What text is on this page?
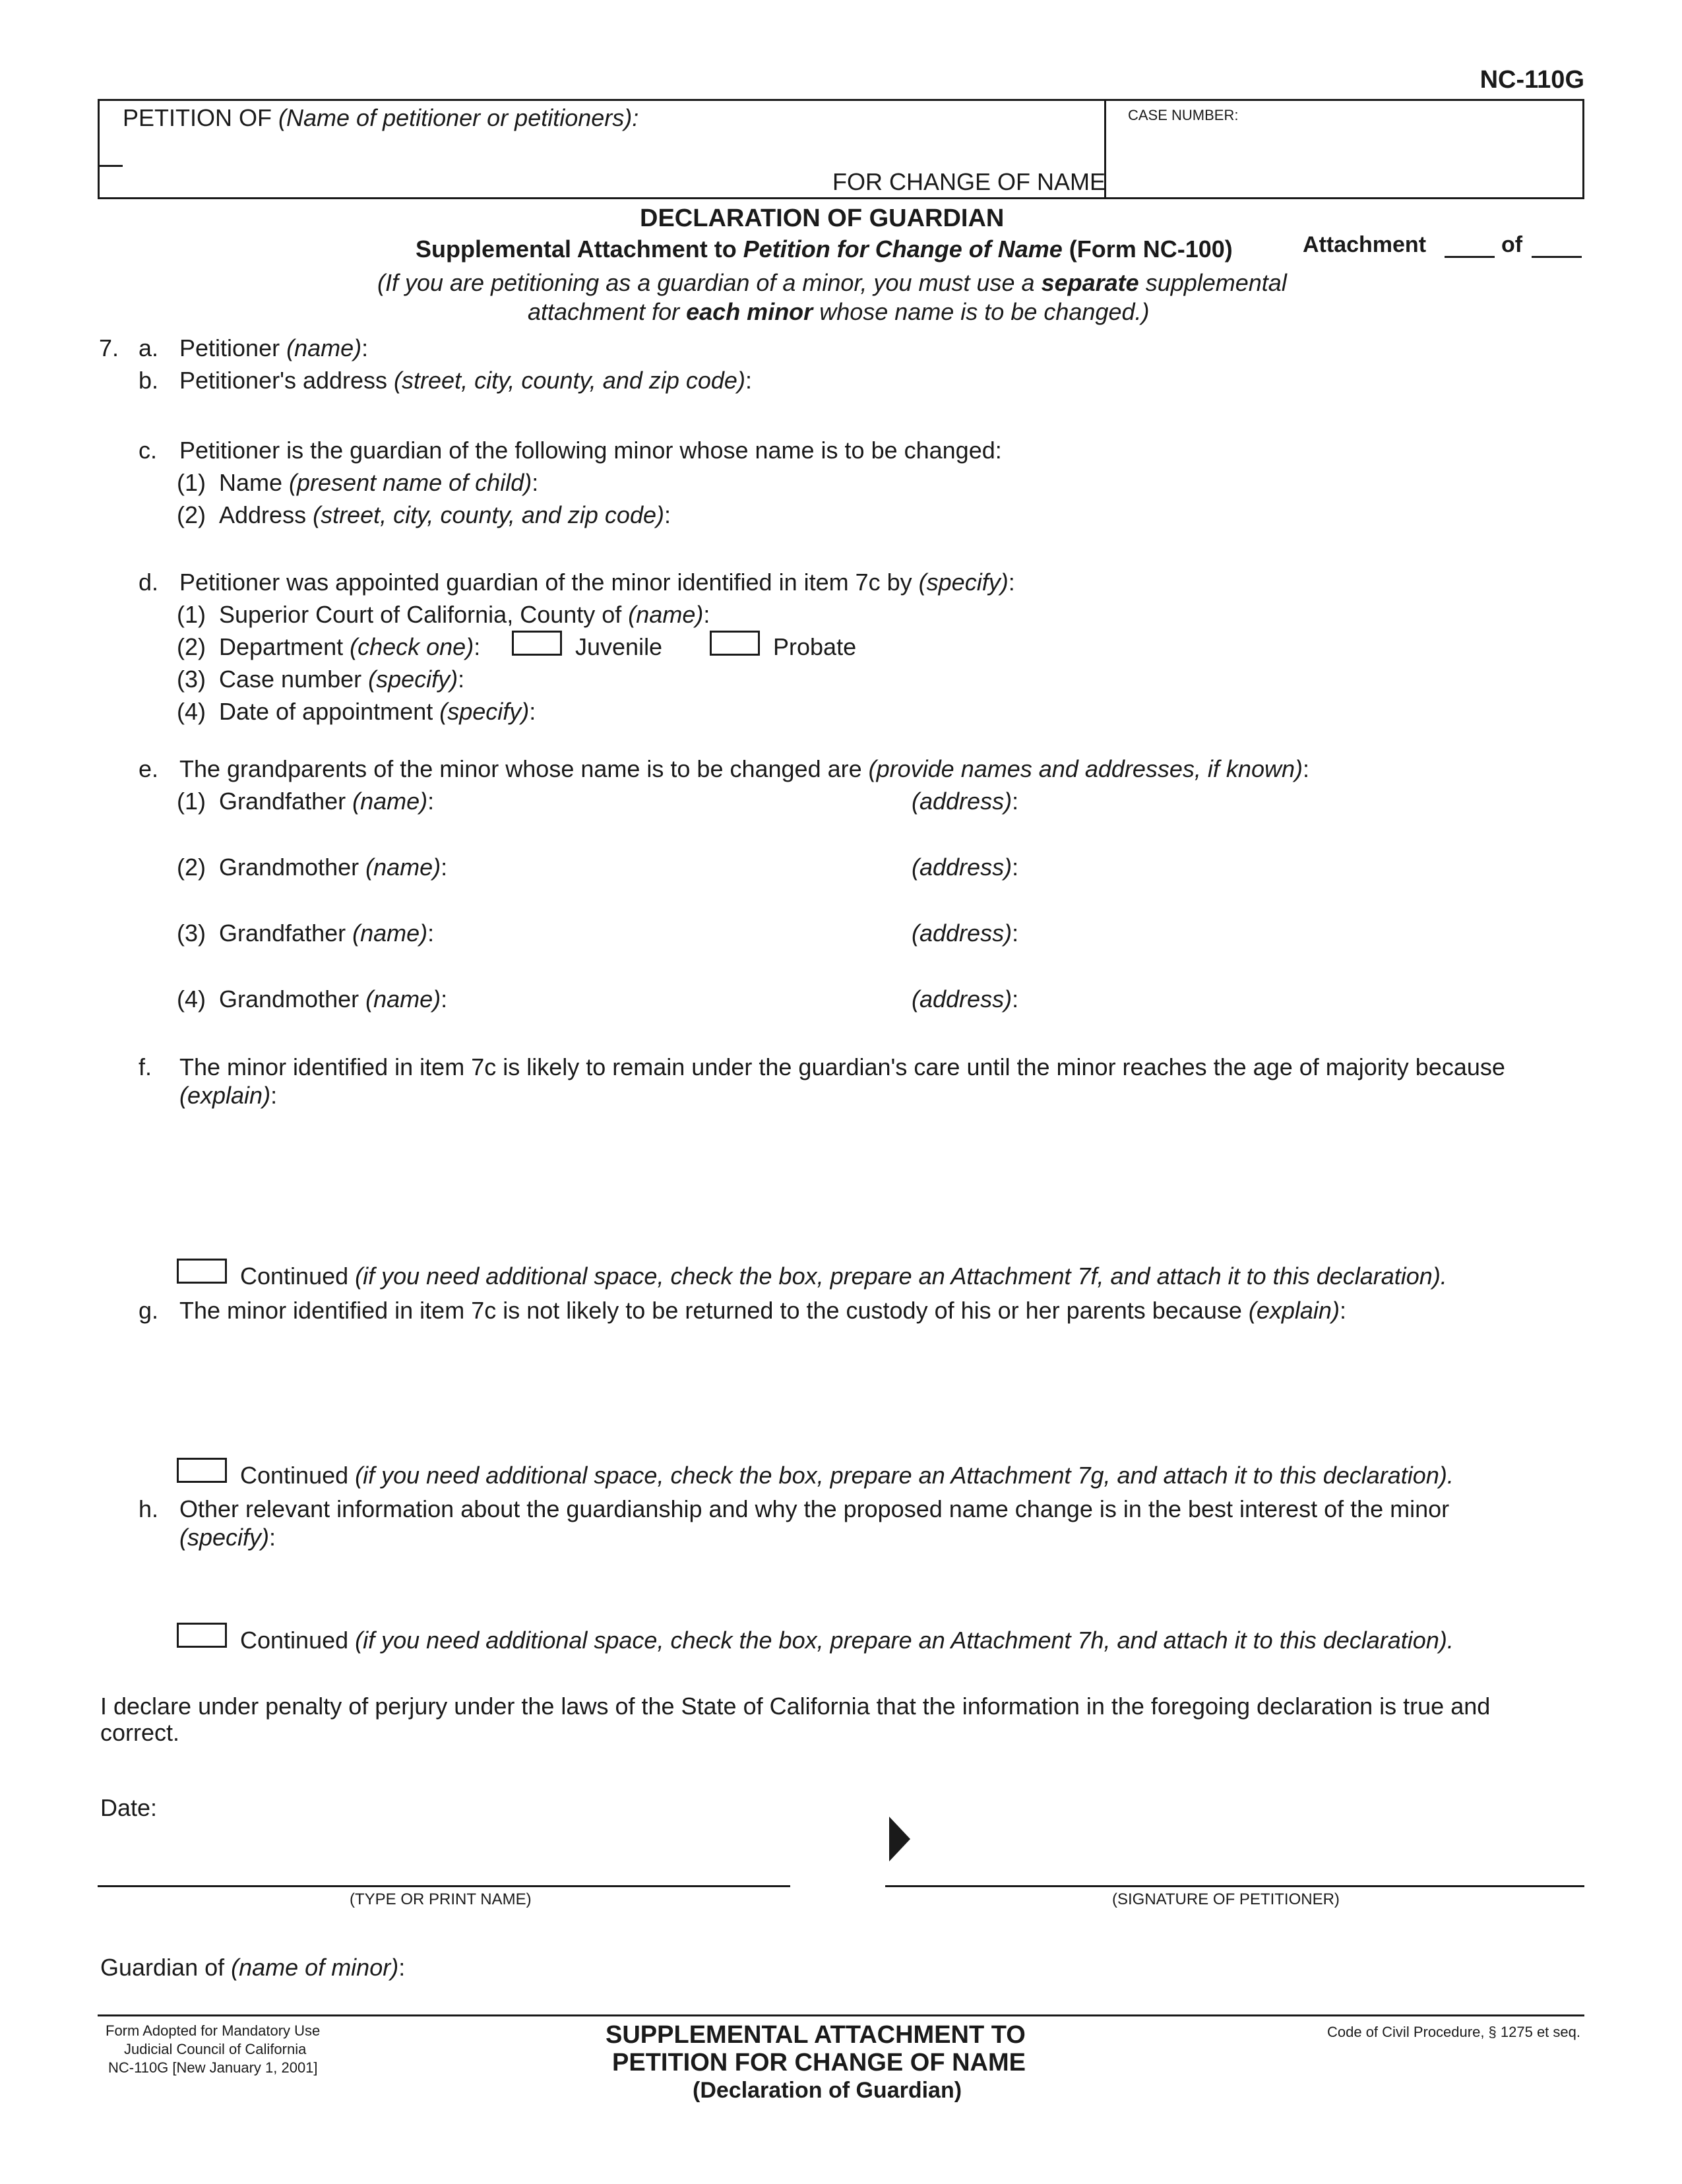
NC-110G
PETITION OF (Name of petitioner or petitioners):
FOR CHANGE OF NAME
CASE NUMBER:
DECLARATION OF GUARDIAN
Supplemental Attachment to Petition for Change of Name (Form NC-100)	Attachment	of
(If you are petitioning as a guardian of a minor, you must use a separate supplemental
attachment for each minor whose name is to be changed.)
7. a. Petitioner (name):
b. Petitioner's address (street, city, county, and zip code):
c. Petitioner is the guardian of the following minor whose name is to be changed:
(1) Name (present name of child):
(2) Address (street, city, county, and zip code):
d. Petitioner was appointed guardian of the minor identified in item 7c by (specify):
(1) Superior Court of California, County of (name):
(2) Department (check one):	Juvenile	Probate
(3) Case number (specify):
(4) Date of appointment (specify):
e. The grandparents of the minor whose name is to be changed are (provide names and addresses, if known):
(1) Grandfather (name):	(address):
(2) Grandmother (name):	(address):
(3) Grandfather (name):	(address):
(4) Grandmother (name):	(address):
f. The minor identified in item 7c is likely to remain under the guardian's care until the minor reaches the age of majority because
(explain):
Continued (if you need additional space, check the box, prepare an Attachment 7f, and attach it to this declaration).
g. The minor identified in item 7c is not likely to be returned to the custody of his or her parents because (explain):
Continued (if you need additional space, check the box, prepare an Attachment 7g, and attach it to this declaration).
h. Other relevant information about the guardianship and why the proposed name change is in the best interest of the minor
(specify):
Continued (if you need additional space, check the box, prepare an Attachment 7h, and attach it to this declaration).
I declare under penalty of perjury under the laws of the State of California that the information in the foregoing declaration is true and
correct.
Date:
(TYPE OR PRINT NAME)	(SIGNATURE OF PETITIONER)
Guardian of (name of minor):
Form Adopted for Mandatory Use
Judicial Council of California
NC-110G [New January 1, 2001]
SUPPLEMENTAL ATTACHMENT TO
PETITION FOR CHANGE OF NAME
(Declaration of Guardian)
Code of Civil Procedure, § 1275 et seq.
